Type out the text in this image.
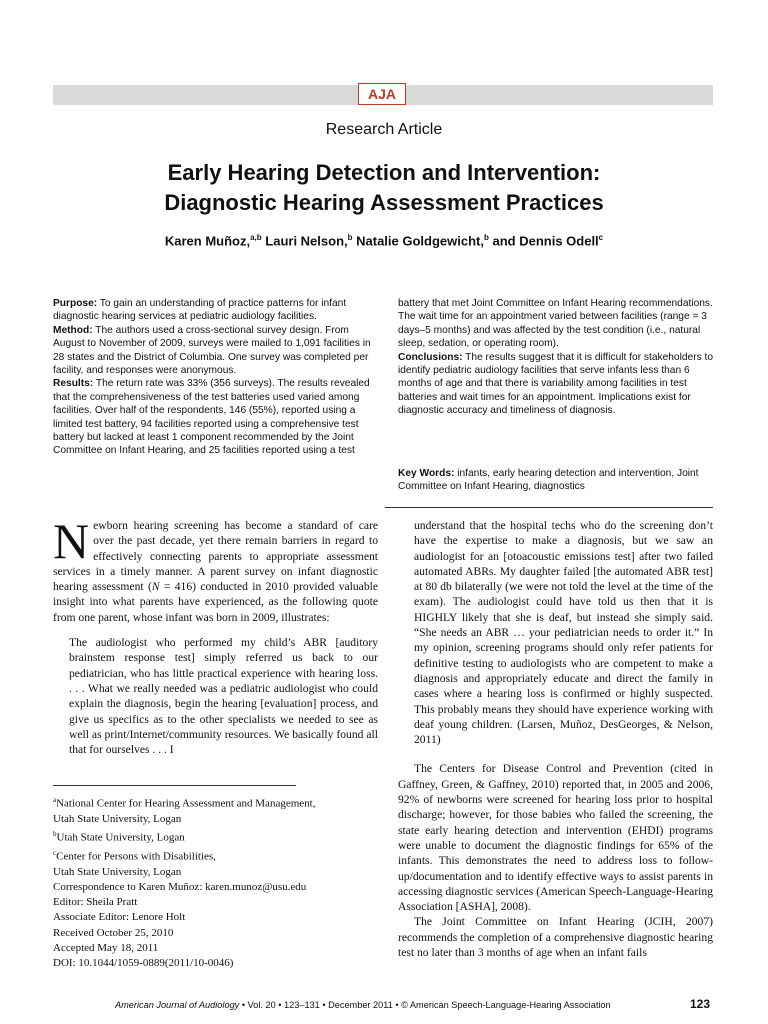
AJA
Research Article
Early Hearing Detection and Intervention:
Diagnostic Hearing Assessment Practices
Karen Muñoz,$^{a,b}$ Lauri Nelson,$^b$ Natalie Goldgewicht,$^b$ and Dennis Odell$^c$

Purpose: To gain an understanding of practice patterns for infant diagnostic hearing services at pediatric audiology facilities.

Method: The authors used a cross-sectional survey design. From August to November of 2009, surveys were mailed to 1,091 facilities in 28 states and the District of Columbia. One survey was completed per facility, and responses were anonymous.

Results: The return rate was 33% (356 surveys). The results revealed that the comprehensiveness of the test batteries used varied among facilities. Over half of the respondents, 146 (55%), reported using a limited test battery, 94 facilities reported using a comprehensive test battery but lacked at least 1 component recommended by the Joint Committee on Infant Hearing, and 25 facilities reported using a test

battery that met Joint Committee on Infant Hearing recommendations. The wait time for an appointment varied between facilities (range = 3 days–5 months) and was affected by the test condition (i.e., natural sleep, sedation, or operating room).

Conclusions: The results suggest that it is difficult for stakeholders to identify pediatric audiology facilities that serve infants less than 6 months of age and that there is variability among facilities in test batteries and wait times for an appointment. Implications exist for diagnostic accuracy and timeliness of diagnosis.

Key Words: infants, early hearing detection and intervention, Joint Committee on Infant Hearing, diagnostics

Newborn hearing screening has become a standard of care over the past decade, yet there remain barriers in regard to effectively connecting parents to appropriate assessment services in a timely manner. A parent survey on infant diagnostic hearing assessment (N = 416) conducted in 2010 provided valuable insight into what parents have experienced, as the following quote from one parent, whose infant was born in 2009, illustrates:

The audiologist who performed my child’s ABR [auditory brainstem response test] simply referred us back to our pediatrician, who has little practical experience with hearing loss. . . . What we really needed was a pediatric audiologist who could explain the diagnosis, begin the hearing [evaluation] process, and give us specifics as to the other specialists we needed to see as well as print/Internet/community resources. We basically found all that for ourselves . . . I

$^a$National Center for Hearing Assessment and Management,
Utah State University, Logan
$^b$Utah State University, Logan
$^c$Center for Persons with Disabilities,
Utah State University, Logan
Correspondence to Karen Muñoz: karen.munoz@usu.edu
Editor: Sheila Pratt
Associate Editor: Lenore Holt
Received October 25, 2010
Accepted May 18, 2011
DOI: 10.1044/1059-0889(2011/10-0046)

understand that the hospital techs who do the screening don’t have the expertise to make a diagnosis, but we saw an audiologist for an [otoacoustic emissions test] after two failed automated ABRs. My daughter failed [the automated ABR test] at 80 db bilaterally (we were not told the level at the time of the exam). The audiologist could have told us then that it is HIGHLY likely that she is deaf, but instead she simply said. “She needs an ABR … your pediatrician needs to order it.” In my opinion, screening programs should only refer patients for definitive testing to audiologists who are competent to make a diagnosis and appropriately educate and direct the family in cases where a hearing loss is confirmed or highly suspected. This probably means they should have experience working with deaf young children. (Larsen, Muñoz, DesGeorges, & Nelson, 2011)

The Centers for Disease Control and Prevention (cited in Gaffney, Green, & Gaffney, 2010) reported that, in 2005 and 2006, 92% of newborns were screened for hearing loss prior to hospital discharge; however, for those babies who failed the screening, the state early hearing detection and intervention (EHDI) programs were unable to document the diagnostic findings for 65% of the infants. This demonstrates the need to address loss to follow-up/documentation and to identify effective ways to assist parents in accessing diagnostic services (American Speech-Language-Hearing Association [ASHA], 2008).

The Joint Committee on Infant Hearing (JCIH, 2007) recommends the completion of a comprehensive diagnostic hearing test no later than 3 months of age when an infant fails

American Journal of Audiology • Vol. 20 • 123–131 • December 2011 • © American Speech-Language-Hearing Association	123
